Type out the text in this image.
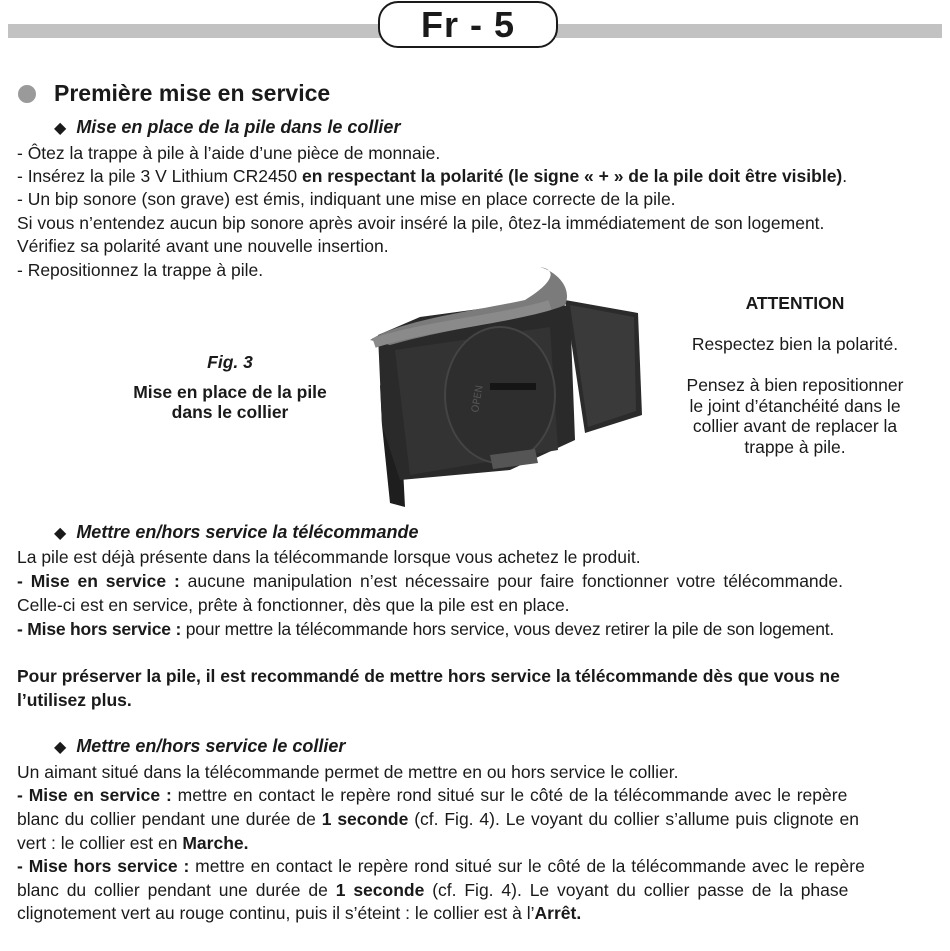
Fr - 5
Première mise en service
◆ Mise en place de la pile dans le collier
- Ôtez la trappe à pile à l’aide d’une pièce de monnaie.
- Insérez la pile 3 V Lithium CR2450 en respectant la polarité (le signe « + » de la pile doit être visible).
- Un bip sonore (son grave) est émis, indiquant une mise en place correcte de la pile.
Si vous n’entendez aucun bip sonore après avoir inséré la pile, ôtez-la immédiatement de son logement.
Vérifiez sa polarité avant une nouvelle insertion.
- Repositionnez la trappe à pile.
Fig. 3
Mise en place de la pile
dans le collier	OPEN
ATTENTION
Respectez bien la polarité.
Pensez à bien repositionner
le joint d’étanchéité dans le
collier avant de replacer la
trappe à pile.
◆ Mettre en/hors service la télécommande
La pile est déjà présente dans la télécommande lorsque vous achetez le produit.
- Mise en service : aucune manipulation n’est nécessaire pour faire fonctionner votre télécommande.
Celle-ci est en service, prête à fonctionner, dès que la pile est en place.
- Mise hors service : pour mettre la télécommande hors service, vous devez retirer la pile de son logement.
Pour préserver la pile, il est recommandé de mettre hors service la télécommande dès que vous ne
l’utilisez plus.
◆ Mettre en/hors service le collier
Un aimant situé dans la télécommande permet de mettre en ou hors service le collier.
- Mise en service : mettre en contact le repère rond situé sur le côté de la télécommande avec le repère
blanc du collier pendant une durée de 1 seconde (cf. Fig. 4). Le voyant du collier s’allume puis clignote en
vert : le collier est en Marche.
- Mise hors service : mettre en contact le repère rond situé sur le côté de la télécommande avec le repère
blanc du collier pendant une durée de 1 seconde (cf. Fig. 4). Le voyant du collier passe de la phase
clignotement vert au rouge continu, puis il s’éteint : le collier est à l’Arrêt.
